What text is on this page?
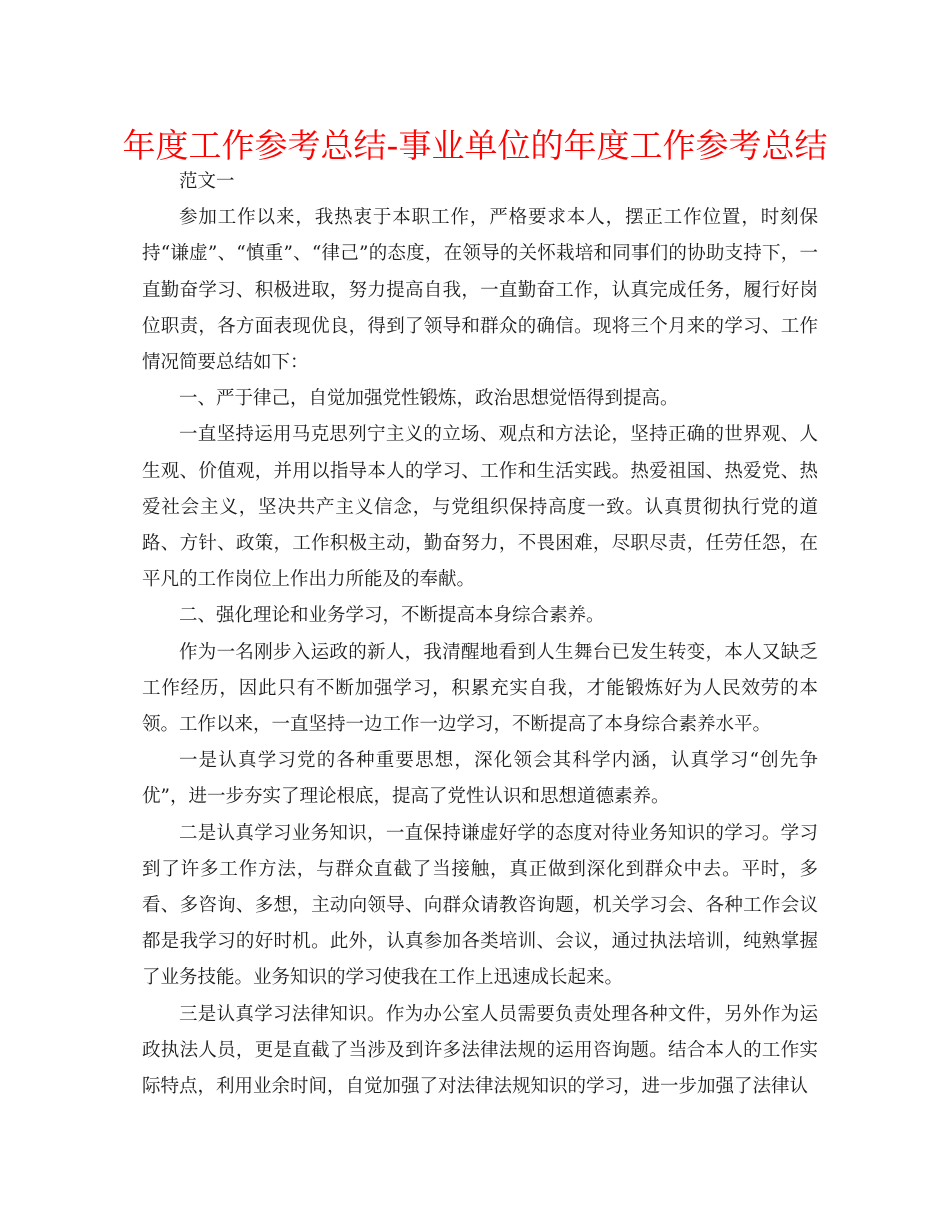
年度工作参考总结-事业单位的年度工作参考总结

范文一

参加工作以来，我热衷于本职工作，严格要求本人，摆正工作位置，时刻保持“谦虚”、“慎重”、“律己”的态度，在领导的关怀栽培和同事们的协助支持下，一直勤奋学习、积极进取，努力提高自我，一直勤奋工作，认真完成任务，履行好岗位职责，各方面表现优良，得到了领导和群众的确信。现将三个月来的学习、工作情况简要总结如下：

一、严于律己，自觉加强党性锻炼，政治思想觉悟得到提高。

一直坚持运用马克思列宁主义的立场、观点和方法论，坚持正确的世界观、人生观、价值观，并用以指导本人的学习、工作和生活实践。热爱祖国、热爱党、热爱社会主义，坚决共产主义信念，与党组织保持高度一致。认真贯彻执行党的道路、方针、政策，工作积极主动，勤奋努力，不畏困难，尽职尽责，任劳任怨，在平凡的工作岗位上作出力所能及的奉献。

二、强化理论和业务学习，不断提高本身综合素养。

作为一名刚步入运政的新人，我清醒地看到人生舞台已发生转变，本人又缺乏工作经历，因此只有不断加强学习，积累充实自我，才能锻炼好为人民效劳的本领。工作以来，一直坚持一边工作一边学习，不断提高了本身综合素养水平。

一是认真学习党的各种重要思想，深化领会其科学内涵，认真学习“创先争优”，进一步夯实了理论根底，提高了党性认识和思想道德素养。

二是认真学习业务知识，一直保持谦虚好学的态度对待业务知识的学习。学习到了许多工作方法，与群众直截了当接触，真正做到深化到群众中去。平时，多看、多咨询、多想，主动向领导、向群众请教咨询题，机关学习会、各种工作会议都是我学习的好时机。此外，认真参加各类培训、会议，通过执法培训，纯熟掌握了业务技能。业务知识的学习使我在工作上迅速成长起来。

三是认真学习法律知识。作为办公室人员需要负责处理各种文件，另外作为运政执法人员，更是直截了当涉及到许多法律法规的运用咨询题。结合本人的工作实际特点，利用业余时间，自觉加强了对法律法规知识的学习，进一步加强了法律认
